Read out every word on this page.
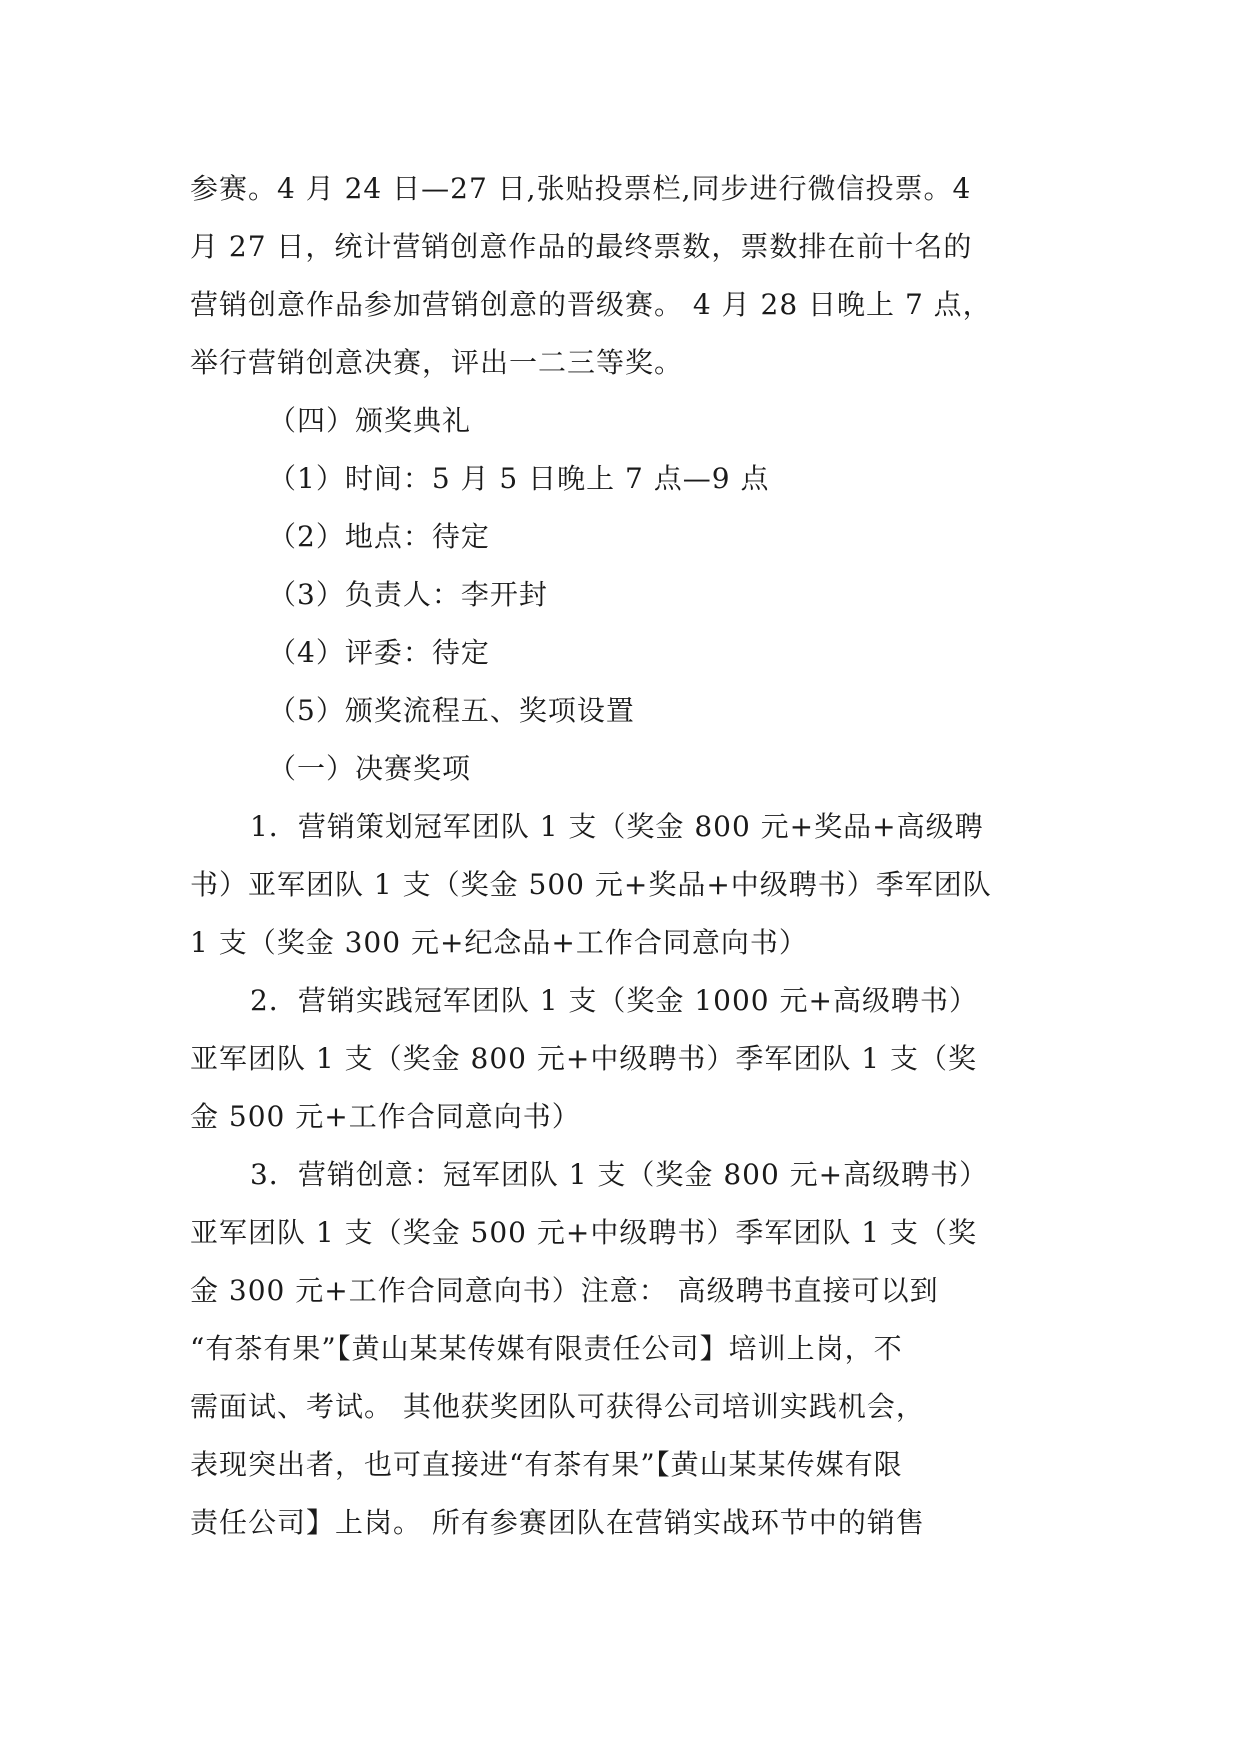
参赛。4 月 24 日—27 日,张贴投票栏,同步进行微信投票。4
月 27 日，统计营销创意作品的最终票数，票数排在前十名的
营销创意作品参加营销创意的晋级赛。 4 月 28 日晚上 7 点，
举行营销创意决赛，评出一二三等奖。
（四）颁奖典礼
（1）时间：5 月 5 日晚上 7 点—9 点
（2）地点：待定
（3）负责人：李开封
（4）评委：待定
（5）颁奖流程五、奖项设置
（一）决赛奖项
1．营销策划冠军团队 1 支（奖金 800 元+奖品+高级聘
书）亚军团队 1 支（奖金 500 元+奖品+中级聘书）季军团队
1 支（奖金 300 元+纪念品+工作合同意向书）
2．营销实践冠军团队 1 支（奖金 1000 元+高级聘书）
亚军团队 1 支（奖金 800 元+中级聘书）季军团队 1 支（奖
金 500 元+工作合同意向书）
3．营销创意：冠军团队 1 支（奖金 800 元+高级聘书）
亚军团队 1 支（奖金 500 元+中级聘书）季军团队 1 支（奖
金 300 元+工作合同意向书）注意： 高级聘书直接可以到
“有茶有果”【黄山某某传媒有限责任公司】培训上岗，不
需面试、考试。 其他获奖团队可获得公司培训实践机会，
表现突出者，也可直接进“有茶有果”【黄山某某传媒有限
责任公司】上岗。 所有参赛团队在营销实战环节中的销售
